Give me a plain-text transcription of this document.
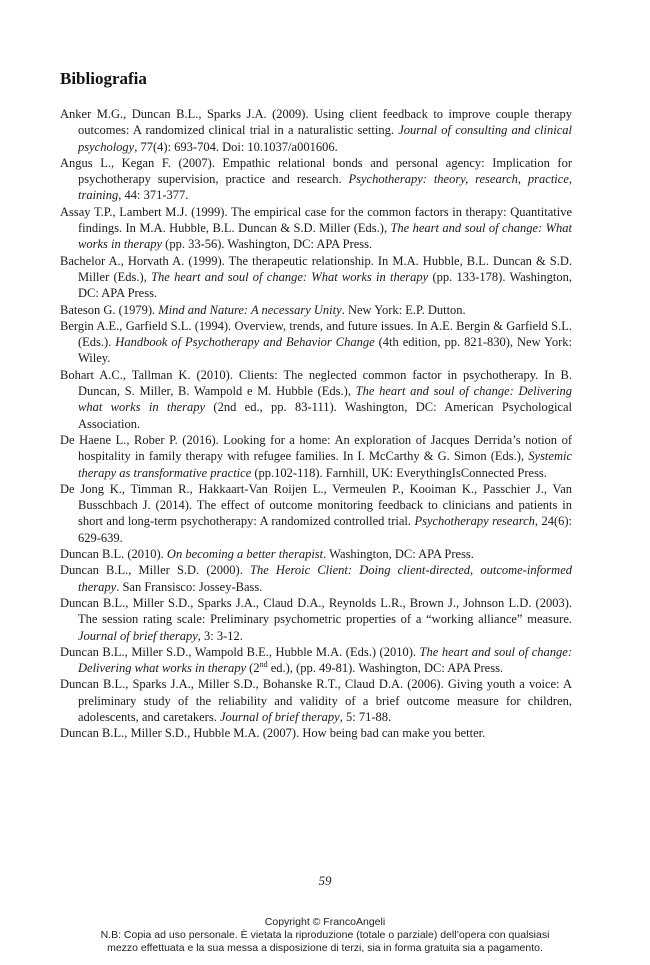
Bibliografia
Anker M.G., Duncan B.L., Sparks J.A. (2009). Using client feedback to improve couple therapy outcomes: A randomized clinical trial in a naturalistic setting. Journal of consulting and clinical psychology, 77(4): 693-704. Doi: 10.1037/a001606.
Angus L., Kegan F. (2007). Empathic relational bonds and personal agency: Implication for psychotherapy supervision, practice and research. Psychotherapy: theory, research, practice, training, 44: 371-377.
Assay T.P., Lambert M.J. (1999). The empirical case for the common factors in therapy: Quantitative findings. In M.A. Hubble, B.L. Duncan & S.D. Miller (Eds.), The heart and soul of change: What works in therapy (pp. 33-56). Washington, DC: APA Press.
Bachelor A., Horvath A. (1999). The therapeutic relationship. In M.A. Hubble, B.L. Duncan & S.D. Miller (Eds.), The heart and soul of change: What works in therapy (pp. 133-178). Washington, DC: APA Press.
Bateson G. (1979). Mind and Nature: A necessary Unity. New York: E.P. Dutton.
Bergin A.E., Garfield S.L. (1994). Overview, trends, and future issues. In A.E. Bergin & Garfield S.L. (Eds.). Handbook of Psychotherapy and Behavior Change (4th edition, pp. 821-830), New York: Wiley.
Bohart A.C., Tallman K. (2010). Clients: The neglected common factor in psychotherapy. In B. Duncan, S. Miller, B. Wampold e M. Hubble (Eds.), The heart and soul of change: Delivering what works in therapy (2nd ed., pp. 83-111). Washington, DC: American Psychological Association.
De Haene L., Rober P. (2016). Looking for a home: An exploration of Jacques Derrida’s notion of hospitality in family therapy with refugee families. In I. McCarthy & G. Simon (Eds.), Systemic therapy as transformative practice (pp.102-118). Farnhill, UK: EverythingIsConnected Press.
De Jong K., Timman R., Hakkaart-Van Roijen L., Vermeulen P., Kooiman K., Passchier J., Van Busschbach J. (2014). The effect of outcome monitoring feedback to clinicians and patients in short and long-term psychotherapy: A randomized controlled trial. Psychotherapy research, 24(6): 629-639.
Duncan B.L. (2010). On becoming a better therapist. Washington, DC: APA Press.
Duncan B.L., Miller S.D. (2000). The Heroic Client: Doing client-directed, outcome-informed therapy. San Fransisco: Jossey-Bass.
Duncan B.L., Miller S.D., Sparks J.A., Claud D.A., Reynolds L.R., Brown J., Johnson L.D. (2003). The session rating scale: Preliminary psychometric properties of a “working alliance” measure. Journal of brief therapy, 3: 3-12.
Duncan B.L., Miller S.D., Wampold B.E., Hubble M.A. (Eds.) (2010). The heart and soul of change: Delivering what works in therapy (2nd ed.), (pp. 49-81). Washington, DC: APA Press.
Duncan B.L., Sparks J.A., Miller S.D., Bohanske R.T., Claud D.A. (2006). Giving youth a voice: A preliminary study of the reliability and validity of a brief outcome measure for children, adolescents, and caretakers. Journal of brief therapy, 5: 71-88.
Duncan B.L., Miller S.D., Hubble M.A. (2007). How being bad can make you better.
59
Copyright © FrancoAngeli
N.B: Copia ad uso personale. È vietata la riproduzione (totale o parziale) dell’opera con qualsiasi
mezzo effettuata e la sua messa a disposizione di terzi, sia in forma gratuita sia a pagamento.
